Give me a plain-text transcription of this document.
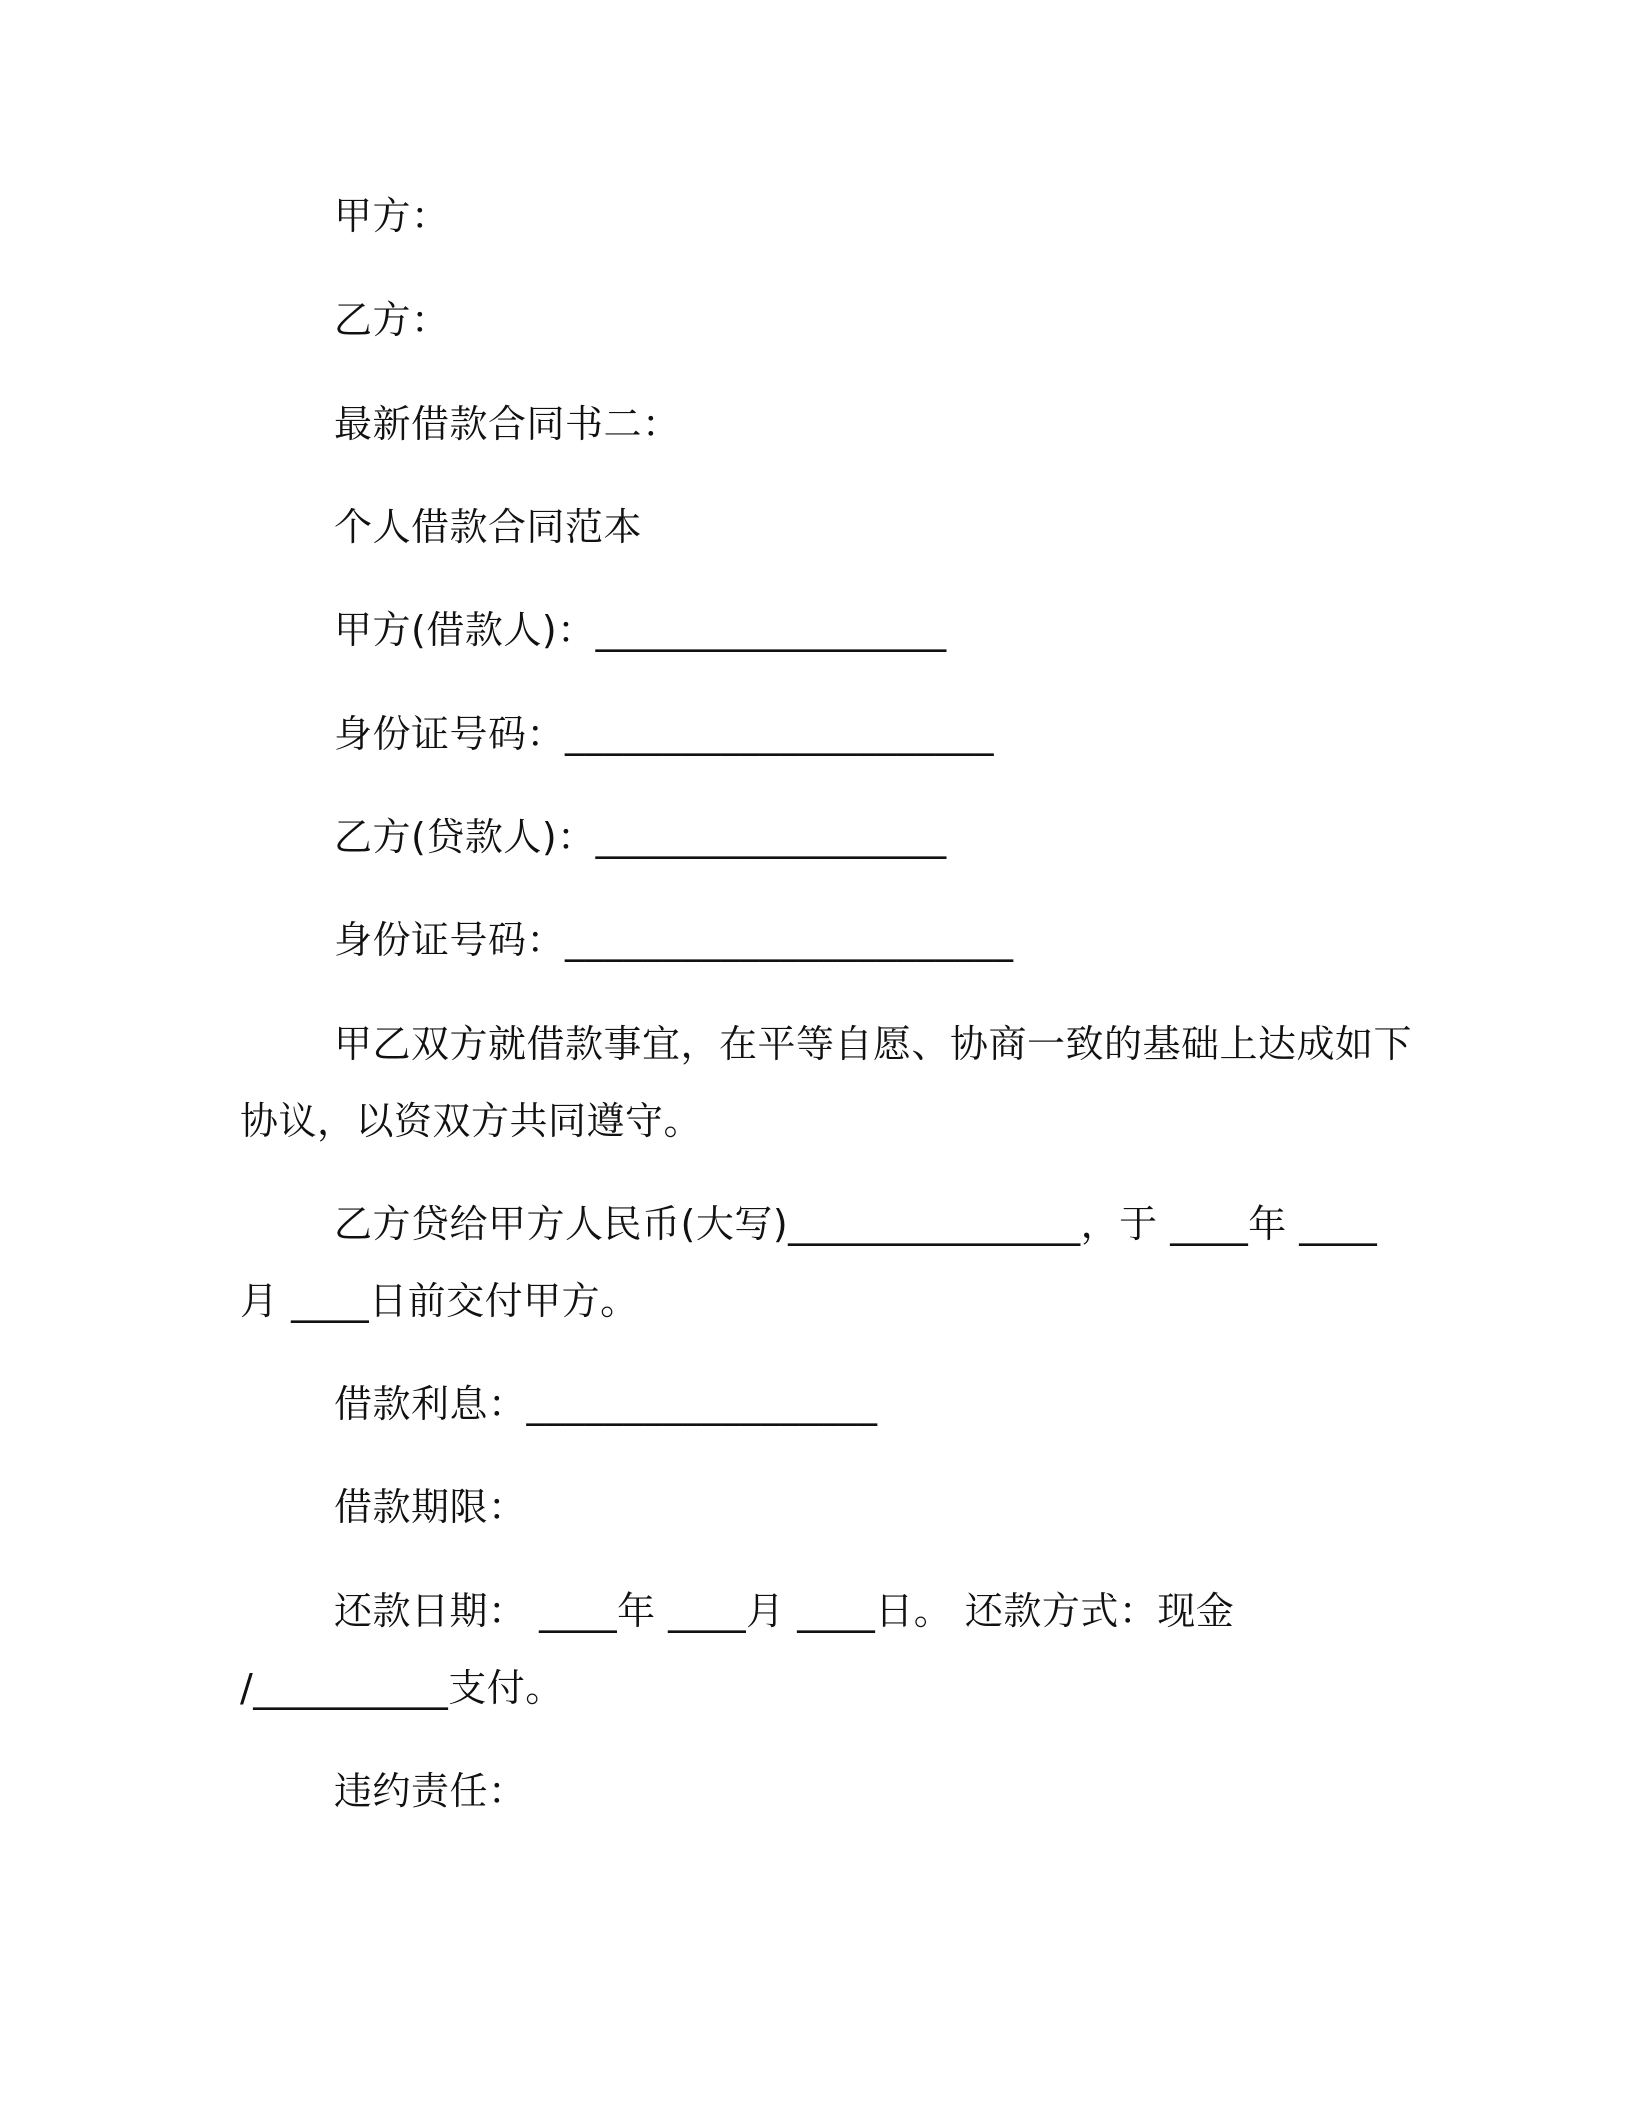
甲方：
乙方：
最新借款合同书二：
个人借款合同范本
甲方(借款人)：__________________
身份证号码：______________________
乙方(贷款人)：__________________
身份证号码：_______________________
甲乙双方就借款事宜，在平等自愿、协商一致的基础上达成如下
协议，以资双方共同遵守。
乙方贷给甲方人民币(大写)_______________，于 ____年 ____
月 ____日前交付甲方。
借款利息：__________________
借款期限：
还款日期： ____年 ____月 ____日。 还款方式：现金
/__________支付。
违约责任：
